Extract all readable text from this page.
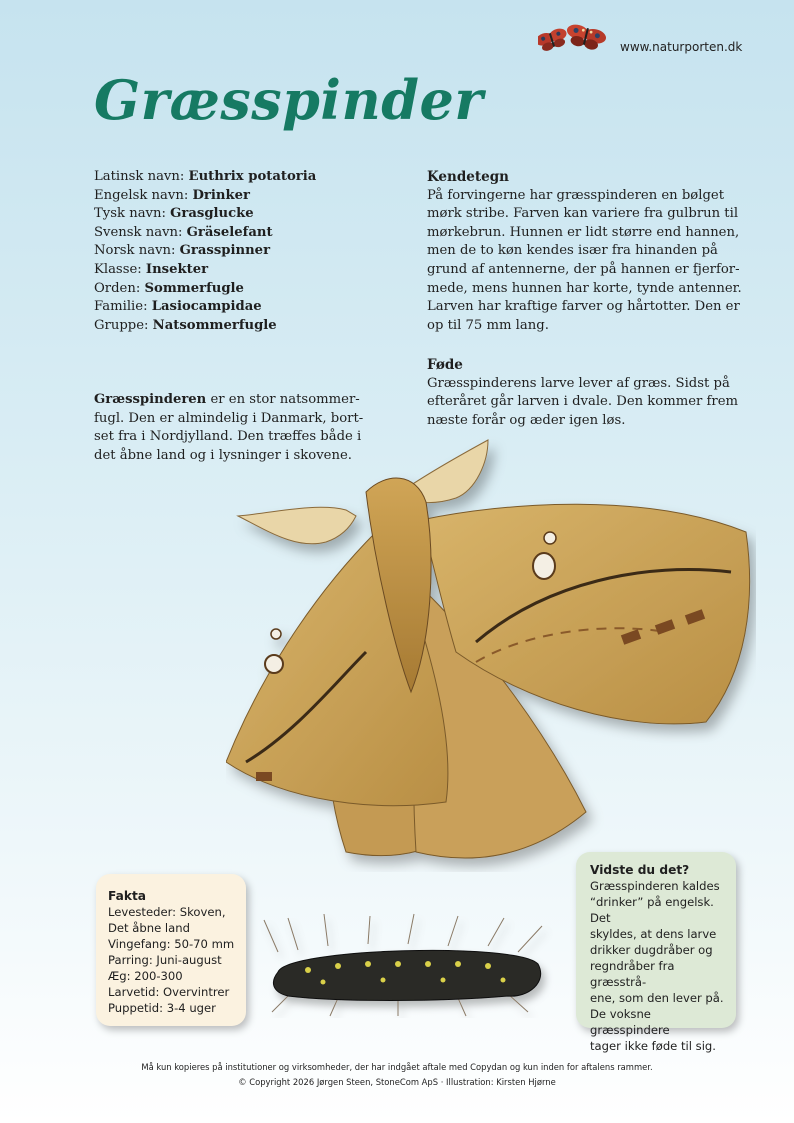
www.naturporten.dk
Græsspinder
Latinsk navn: Euthrix potatoria
Engelsk navn: Drinker
Tysk navn: Grasglucke
Svensk navn: Gräselefant
Norsk navn: Grasspinner
Klasse: Insekter
Orden: Sommerfugle
Familie: Lasiocampidae
Gruppe: Natsommerfugle
Græsspinderen er en stor natsommer-
fugl. Den er almindelig i Danmark, bort-
set fra i Nordjylland. Den træffes både i
det åbne land og i lysninger i skovene.
Kendetegn

På forvingerne har græsspinderen en bølget

mørk stribe. Farven kan variere fra gulbrun til

mørkebrun. Hunnen er lidt større end hannen,

men de to køn kendes især fra hinanden på

grund af antennerne, der på hannen er fjerfor-

mede, mens hunnen har korte, tynde antenner.

Larven har kraftige farver og hårtotter. Den er

op til 75 mm lang.

Føde

Græsspinderens larve lever af græs. Sidst på

efteråret går larven i dvale. Den kommer frem

næste forår og æder igen løs.

Fakta
Levesteder: Skoven,
Det åbne land
Vingefang: 50-70 mm
Parring: Juni-august
Æg: 200-300
Larvetid: Overvintrer
Puppetid: 3-4 uger
Vidste du det?
Græsspinderen kaldes
“drinker” på engelsk. Det
skyldes, at dens larve
drikker dugdråber og
regndråber fra græsstrå-
ene, som den lever på.
De voksne græsspindere
tager ikke føde til sig.
Må kun kopieres på institutioner og virksomheder, der har indgået aftale med Copydan og kun inden for aftalens rammer.
© Copyright 2026 Jørgen Steen, StoneCom ApS · Illustration: Kirsten Hjørne
